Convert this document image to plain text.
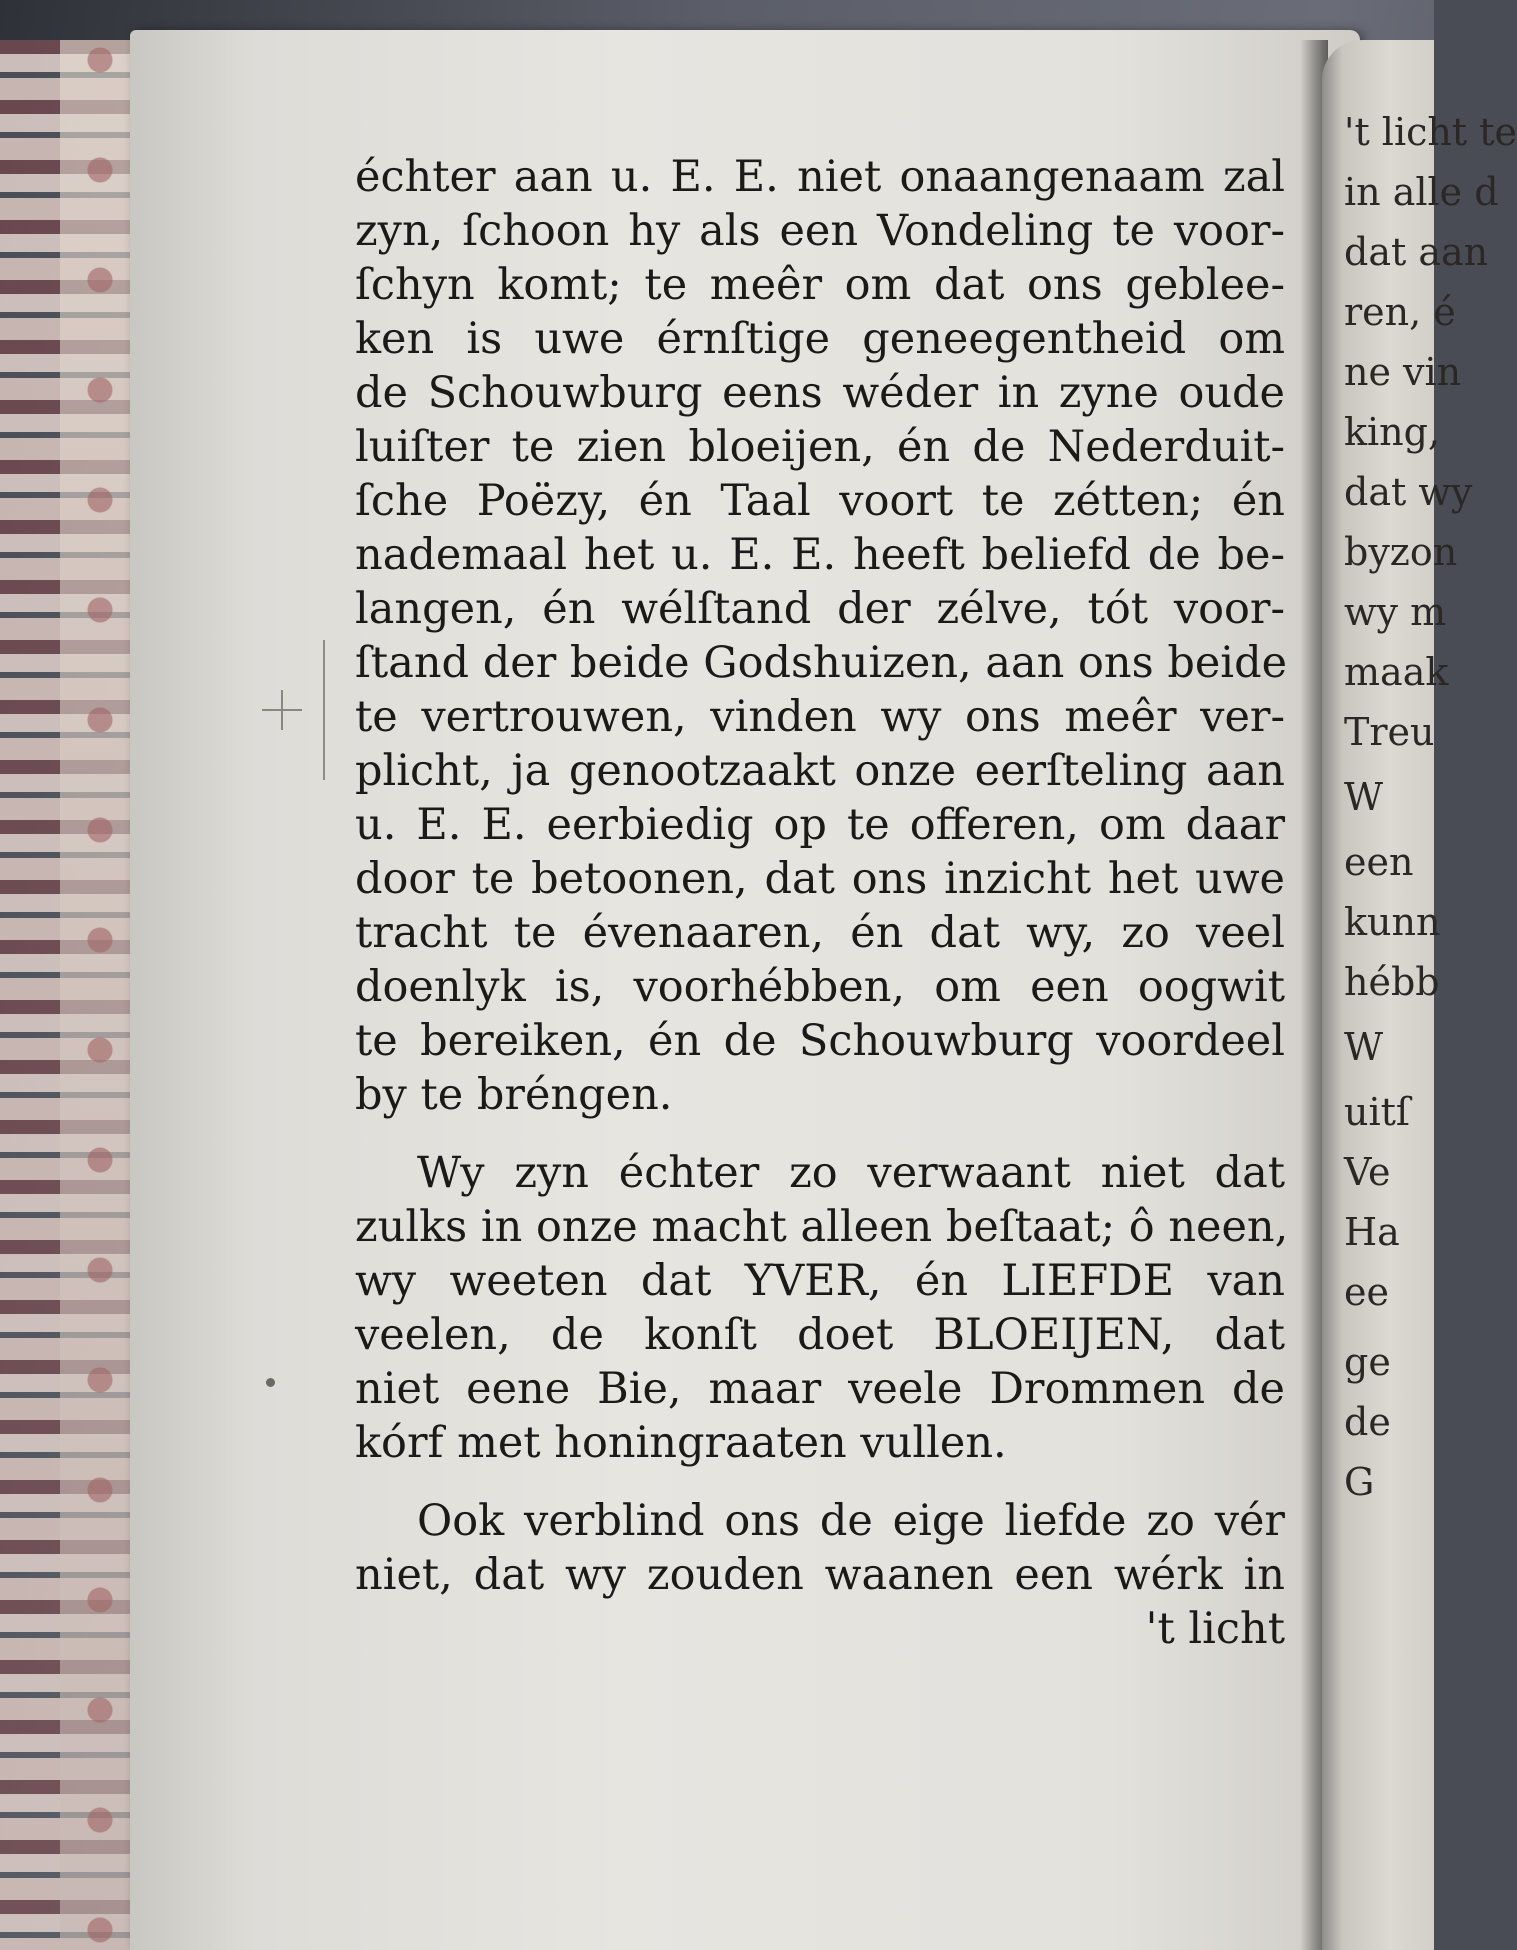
't licht te
in alle d
dat aan
ren, é
ne vin
king,
dat wy
byzon
wy m
maak
Treu
W
een
kunn
hébb
W
uitſ
Ve
Ha
ee
ge
de
G
échter aan u. E. E. niet onaangenaam zal
zyn, ſchoon hy als een Vondeling te voor-
ſchyn komt; te meêr om dat ons geblee-
ken is uwe érnſtige geneegentheid om
de Schouwburg eens wéder in zyne oude
luiſter te zien bloeijen, én de Nederduit-
ſche Poëzy, én Taal voort te zétten; én
nademaal het u. E. E. heeft beliefd de be-
langen, én wélſtand der zélve, tót voor-
ſtand der beide Godshuizen, aan ons beide
te vertrouwen, vinden wy ons meêr ver-
plicht, ja genootzaakt onze eerſteling aan
u. E. E. eerbiedig op te offeren, om daar
door te betoonen, dat ons inzicht het uwe
tracht te évenaaren, én dat wy, zo veel
doenlyk is, voorhébben, om een oogwit
te bereiken, én de Schouwburg voordeel
by te bréngen.
Wy zyn échter zo verwaant niet dat
zulks in onze macht alleen beſtaat; ô neen,
wy weeten dat YVER, én LIEFDE van
veelen, de konſt doet BLOEIJEN, dat
niet eene Bie, maar veele Drommen de
kórf met honingraaten vullen.
Ook verblind ons de eige liefde zo vér
niet, dat wy zouden waanen een wérk in
't licht
